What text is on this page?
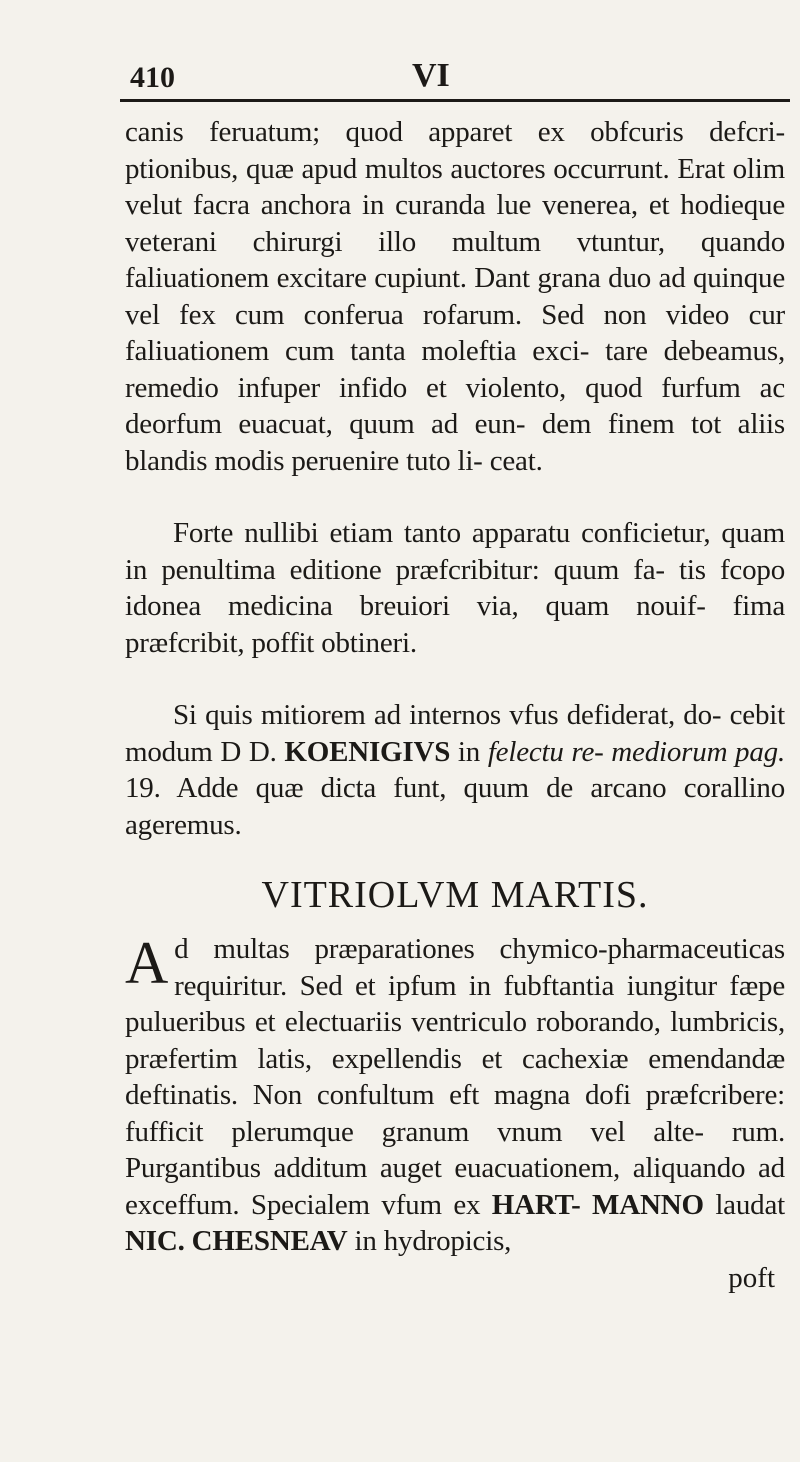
410	VI

canis feruatum; quod apparet ex obfcuris defcri- ptionibus, quæ apud multos auctores occurrunt. Erat olim velut facra anchora in curanda lue venerea, et hodieque veterani chirurgi illo multum vtuntur, quando faliuationem excitare cupiunt. Dant grana duo ad quinque vel fex cum conferua rofarum. Sed non video cur faliuationem cum tanta moleftia exci- tare debeamus, remedio infuper infido et violento, quod furfum ac deorfum euacuat, quum ad eun- dem finem tot aliis blandis modis peruenire tuto li- ceat.

Forte nullibi etiam tanto apparatu conficietur, quam in penultima editione præfcribitur: quum fa- tis fcopo idonea medicina breuiori via, quam nouif- fima præfcribit, poffit obtineri.

Si quis mitiorem ad internos vfus defiderat, do- cebit modum D D. KOENIGIVS in felectu re- mediorum pag. 19. Adde quæ dicta funt, quum de arcano corallino ageremus.

VITRIOLVM MARTIS.

Ad multas præparationes chymico-pharmaceuticas requiritur. Sed et ipfum in fubftantia iungitur fæpe pulueribus et electuariis ventriculo roborando, lumbricis, præfertim latis, expellendis et cachexiæ emendandæ deftinatis. Non confultum eft magna dofi præfcribere: fufficit plerumque granum vnum vel alte- rum. Purgantibus additum auget euacuationem, aliquando ad exceffum. Specialem vfum ex HART- MANNO laudat NIC. CHESNEAV in hydropicis,

poft
